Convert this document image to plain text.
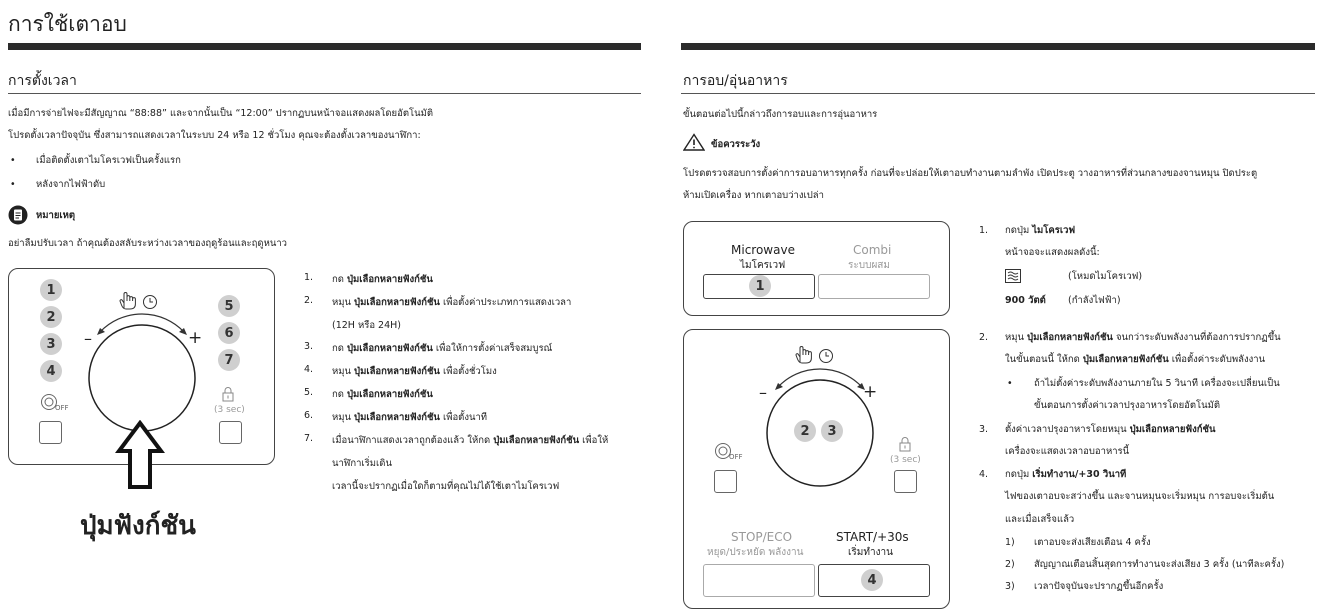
การใช้เตาอบ
การตั้งเวลา
เมื่อมีการจ่ายไฟจะมีสัญญาณ “88:88” และจากนั้นเป็น “12:00” ปรากฏบนหน้าจอแสดงผลโดยอัตโนมัติ
โปรดตั้งเวลาปัจจุบัน ซึ่งสามารถแสดงเวลาในระบบ 24 หรือ 12 ชั่วโมง คุณจะต้องตั้งเวลาของนาฬิกา:
• เมื่อติดตั้งเตาไมโครเวฟเป็นครั้งแรก
• หลังจากไฟฟ้าดับ
หมายเหตุ
อย่าลืมปรับเวลา ถ้าคุณต้องสลับระหว่างเวลาของฤดูร้อนและฤดูหนาว
1
2
3
4
5
6
7
OFF	(3 sec)
–	+
ปุ่มฟังก์ชัน
1. กด ปุ่มเลือกหลายฟังก์ชัน
2. หมุน ปุ่มเลือกหลายฟังก์ชัน เพื่อตั้งค่าประเภทการแสดงเวลา
(12H หรือ 24H)
3. กด ปุ่มเลือกหลายฟังก์ชัน เพื่อให้การตั้งค่าเสร็จสมบูรณ์
4. หมุน ปุ่มเลือกหลายฟังก์ชัน เพื่อตั้งชั่วโมง
5. กด ปุ่มเลือกหลายฟังก์ชัน
6. หมุน ปุ่มเลือกหลายฟังก์ชัน เพื่อตั้งนาที
7. เมื่อนาฬิกาแสดงเวลาถูกต้องแล้ว ให้กด ปุ่มเลือกหลายฟังก์ชัน เพื่อให้
นาฬิกาเริ่มเดิน
เวลานี้จะปรากฏเมื่อใดก็ตามที่คุณไม่ได้ใช้เตาไมโครเวฟ
การอบ/อุ่นอาหาร
ขั้นตอนต่อไปนี้กล่าวถึงการอบและการอุ่นอาหาร
ข้อควรระวัง
โปรดตรวจสอบการตั้งค่าการอบอาหารทุกครั้ง ก่อนที่จะปล่อยให้เตาอบทำงานตามลำพัง เปิดประตู วางอาหารที่ส่วนกลางของจานหมุน ปิดประตู
ห้ามเปิดเครื่อง หากเตาอบว่างเปล่า
Microwave
ไมโครเวฟ
Combi
ระบบผสม
1
–	+
2	3
OFF	(3 sec)
STOP/ECO
หยุด/ประหยัด พลังงาน
START/+30s
เริ่มทำงาน
4
1. กดปุ่ม ไมโครเวฟ
หน้าจอจะแสดงผลดังนี้:
(โหมดไมโครเวฟ)
900 วัตต์ (กำลังไฟฟ้า)
2. หมุน ปุ่มเลือกหลายฟังก์ชัน จนกว่าระดับพลังงานที่ต้องการปรากฏขึ้น
ในขั้นตอนนี้ ให้กด ปุ่มเลือกหลายฟังก์ชัน เพื่อตั้งค่าระดับพลังงาน
• ถ้าไม่ตั้งค่าระดับพลังงานภายใน 5 วินาที เครื่องจะเปลี่ยนเป็น
ขั้นตอนการตั้งค่าเวลาปรุงอาหารโดยอัตโนมัติ
3. ตั้งค่าเวลาปรุงอาหารโดยหมุน ปุ่มเลือกหลายฟังก์ชัน
เครื่องจะแสดงเวลาอบอาหารนี้
4. กดปุ่ม เริ่มทำงาน/+30 วินาที
ไฟของเตาอบจะสว่างขึ้น และจานหมุนจะเริ่มหมุน การอบจะเริ่มต้น
และเมื่อเสร็จแล้ว
1) เตาอบจะส่งเสียงเตือน 4 ครั้ง
2) สัญญาณเตือนสิ้นสุดการทำงานจะส่งเสียง 3 ครั้ง (นาทีละครั้ง)
3) เวลาปัจจุบันจะปรากฏขึ้นอีกครั้ง
